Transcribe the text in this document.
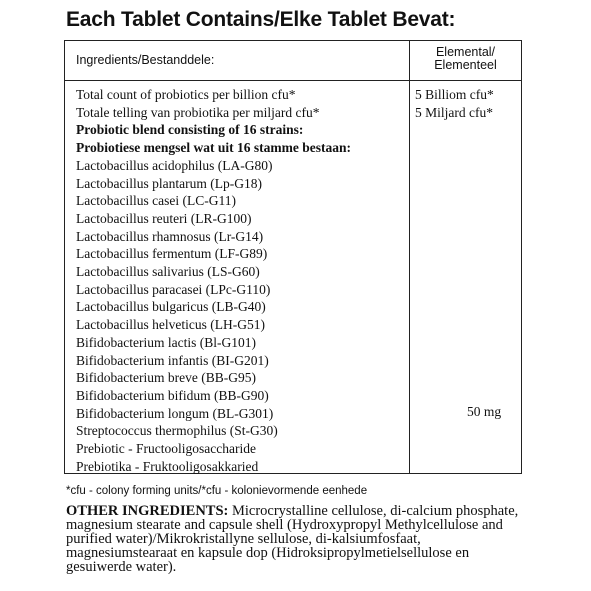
Each Tablet Contains/Elke Tablet Bevat:
Ingredients/Bestanddele:
Elemental/
Elementeel
Total count of probiotics per billion cfu*
Totale telling van probiotika per miljard cfu*
Probiotic blend consisting of 16 strains:
Probiotiese mengsel wat uit 16 stamme bestaan:
Lactobacillus acidophilus (LA-G80)
Lactobacillus plantarum (Lp-G18)
Lactobacillus casei (LC-G11)
Lactobacillus reuteri (LR-G100)
Lactobacillus rhamnosus (Lr-G14)
Lactobacillus fermentum (LF-G89)
Lactobacillus salivarius (LS-G60)
Lactobacillus paracasei (LPc-G110)
Lactobacillus bulgaricus (LB-G40)
Lactobacillus helveticus (LH-G51)
Bifidobacterium lactis (Bl-G101)
Bifidobacterium infantis (BI-G201)
Bifidobacterium breve (BB-G95)
Bifidobacterium bifidum (BB-G90)
Bifidobacterium longum (BL-G301)
Streptococcus thermophilus (St-G30)
Prebiotic - Fructooligosaccharide
Prebiotika - Fruktooligosakkaried
5 Billiom cfu*
5 Miljard cfu*
50 mg
*cfu - colony forming units/*cfu - kolonievormende eenhede
OTHER INGREDIENTS: Microcrystalline cellulose, di-calcium phosphate, magnesium stearate and capsule shell (Hydroxypropyl Methylcellulose and purified water)/Mikrokristallyne sellulose, di-kalsiumfosfaat, magnesiumstearaat en kapsule dop (Hidroksipropylmetielsellulose en gesuiwerde water).
